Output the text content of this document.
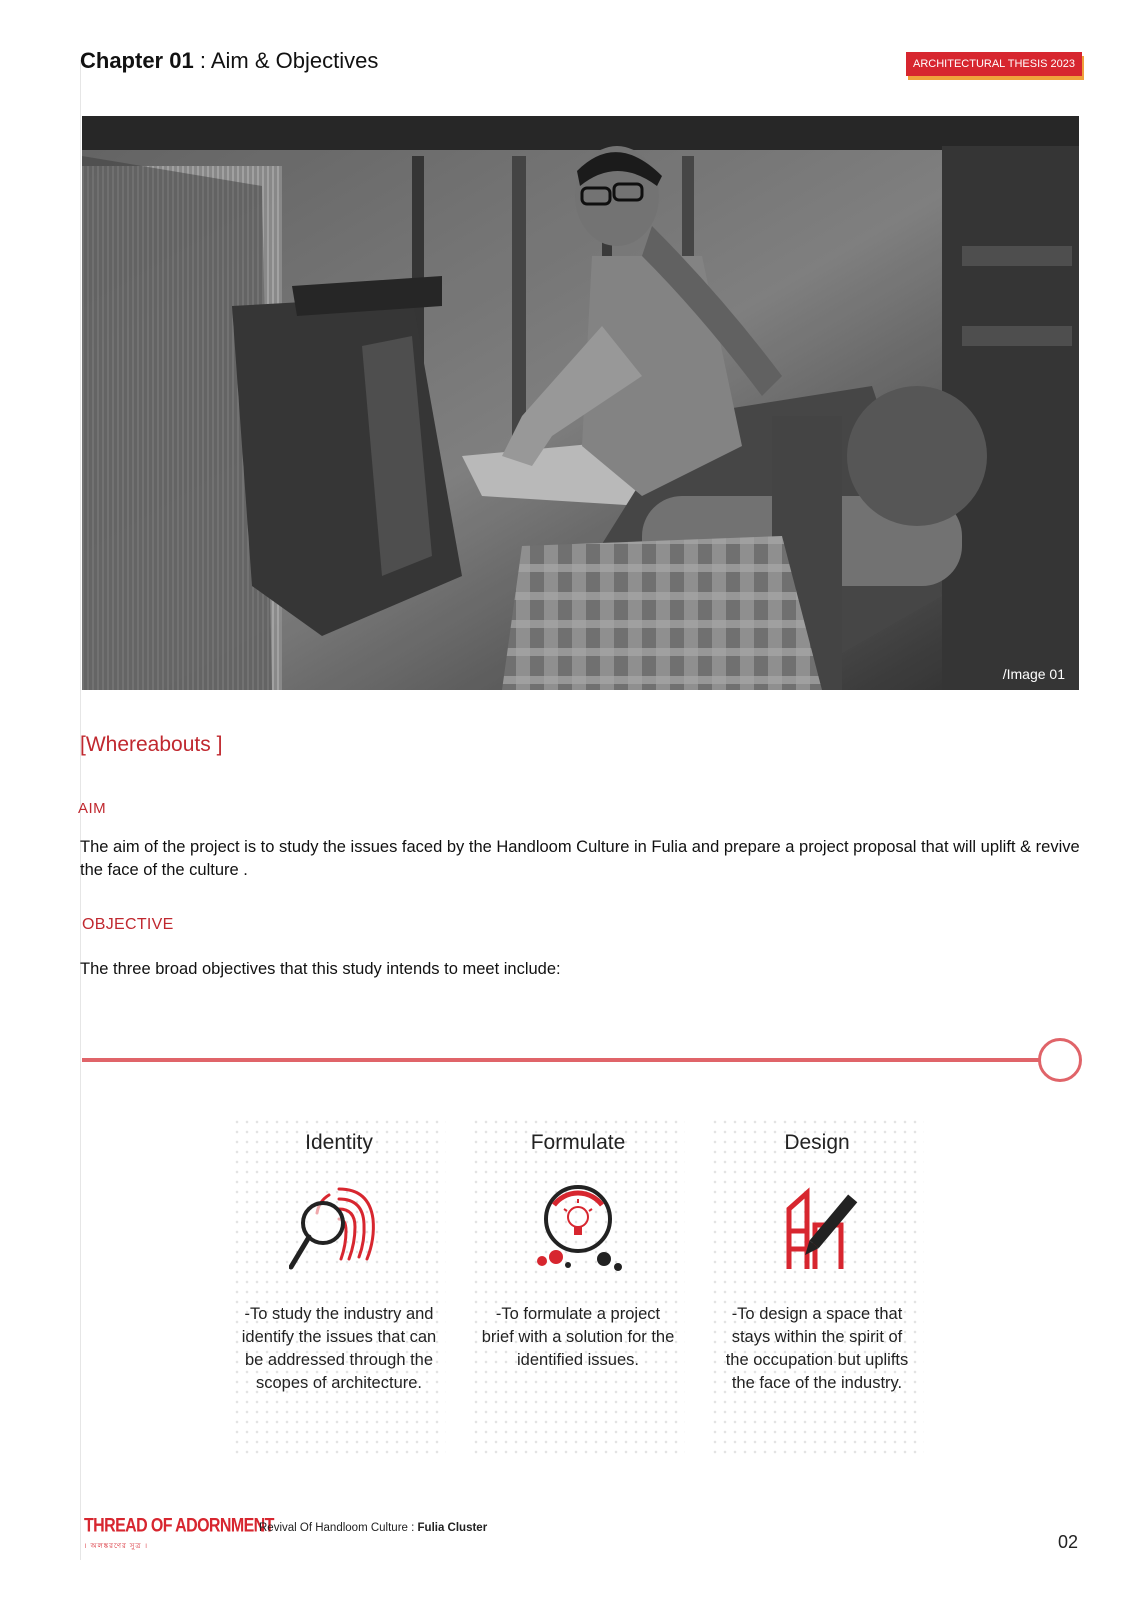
Chapter 01 : Aim & Objectives	ARCHITECTURAL THESIS 2023
/Image 01
[Whereabouts ]
AIM
The aim of the project is to study the issues faced by the Handloom Culture in Fulia and prepare a project proposal that will uplift & revive the face of the culture .
OBJECTIVE
The three broad objectives that this study intends to meet include:
Identity
-To study the industry and identify the issues that can be addressed through the scopes of architecture.
Formulate
-To formulate a project brief with a solution for the identified issues.
Design
-To design a space that stays within the spirit of the occupation but uplifts the face of the industry.
THREAD OF ADORNMENT
। অলঙ্করণের সুত্র ।
Revival Of Handloom Culture : Fulia Cluster
02
